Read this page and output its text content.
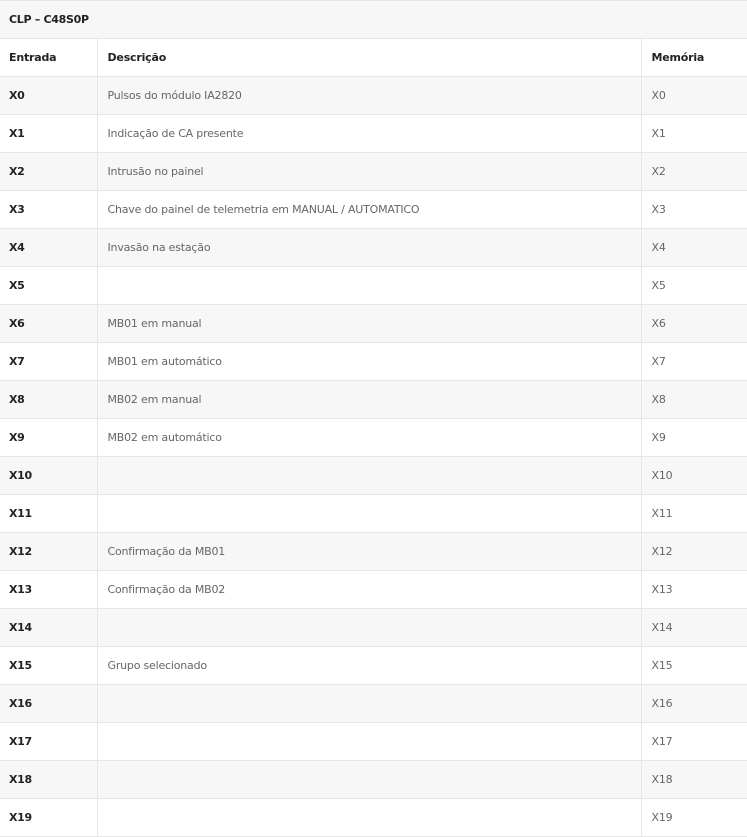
CLP – C48S0P		
Entrada	Descrição	Memória
X0	Pulsos do módulo IA2820	X0
X1	Indicação de CA presente	X1
X2	Intrusão no painel	X2
X3	Chave do painel de telemetria em MANUAL / AUTOMATICO	X3
X4	Invasão na estação	X4
X5		X5
X6	MB01 em manual	X6
X7	MB01 em automático	X7
X8	MB02 em manual	X8
X9	MB02 em automático	X9
X10		X10
X11		X11
X12	Confirmação da MB01	X12
X13	Confirmação da MB02	X13
X14		X14
X15	Grupo selecionado	X15
X16		X16
X17		X17
X18		X18
X19		X19
